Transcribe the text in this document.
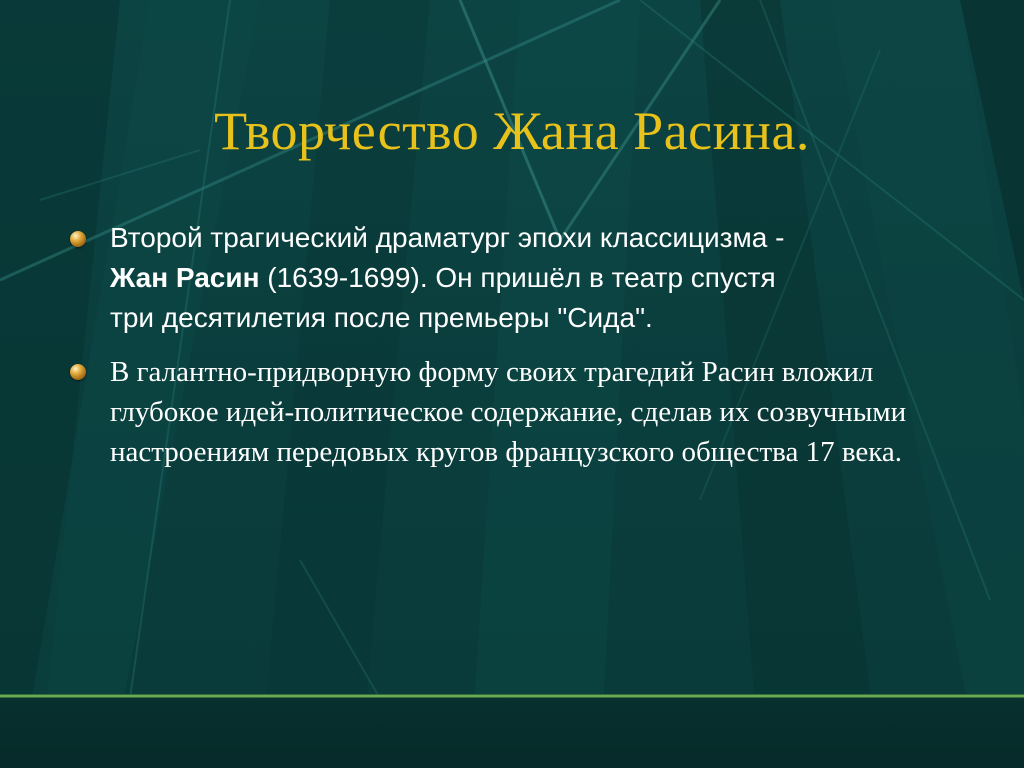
Творчество Жана Расина.
Второй трагический драматург эпохи классицизма -
Жан Расин (1639-1699). Он пришёл в театр спустя
три десятилетия после премьеры "Сида".
В галантно-придворную форму своих трагедий Расин вложил глубокое идей-политическое содержание, сделав их созвучными настроениям передовых кругов французского общества 17 века.
